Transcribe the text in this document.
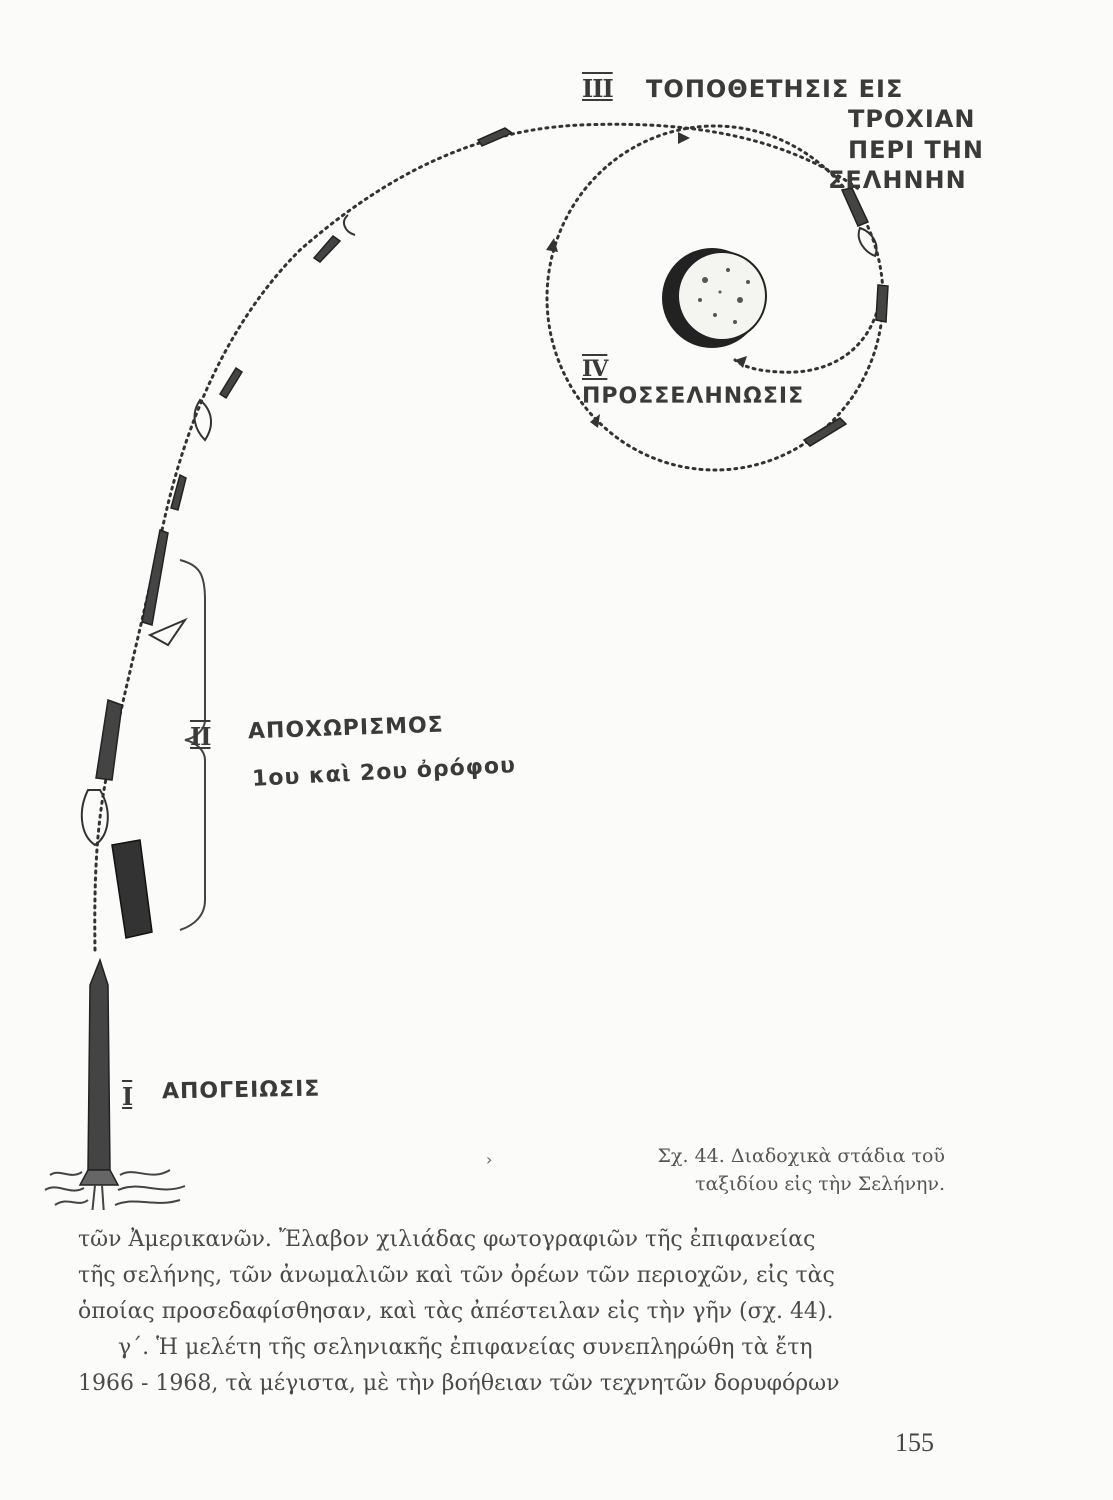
III ΤΟΠΟΘΕΤΗΣΙΣ ΕΙΣ

ΤΡΟΧΙΑΝ

ΠΕΡΙ ΤΗΝ

ΣΕΛΗΝΗΝ

IV

ΠΡΟΣΣΕΛΗΝΩΣΙΣ

II ΑΠΟΧΩΡΙΣΜΟΣ

1ου καὶ 2ου ὀρόφου

I ΑΠΟΓΕΙΩΣΙΣ

›	Σχ. 44. Διαδοχικὰ στάδια τοῦ
ταξιδίου εἰς τὴν Σελήνην.

τῶν Ἀμερικανῶν. Ἔλαβον χιλιάδας φωτογραφιῶν τῆς ἐπιφανείας
τῆς σελήνης, τῶν ἀνωμαλιῶν καὶ τῶν ὀρέων τῶν περιοχῶν, εἰς τὰς
ὁποίας προσεδαφίσθησαν, καὶ τὰς ἀπέστειλαν εἰς τὴν γῆν (σχ. 44).
γ΄. Ἡ μελέτη τῆς σεληνιακῆς ἐπιφανείας συνεπληρώθη τὰ ἔτη
1966 - 1968, τὰ μέγιστα, μὲ τὴν βοήθειαν τῶν τεχνητῶν δορυφόρων

155
